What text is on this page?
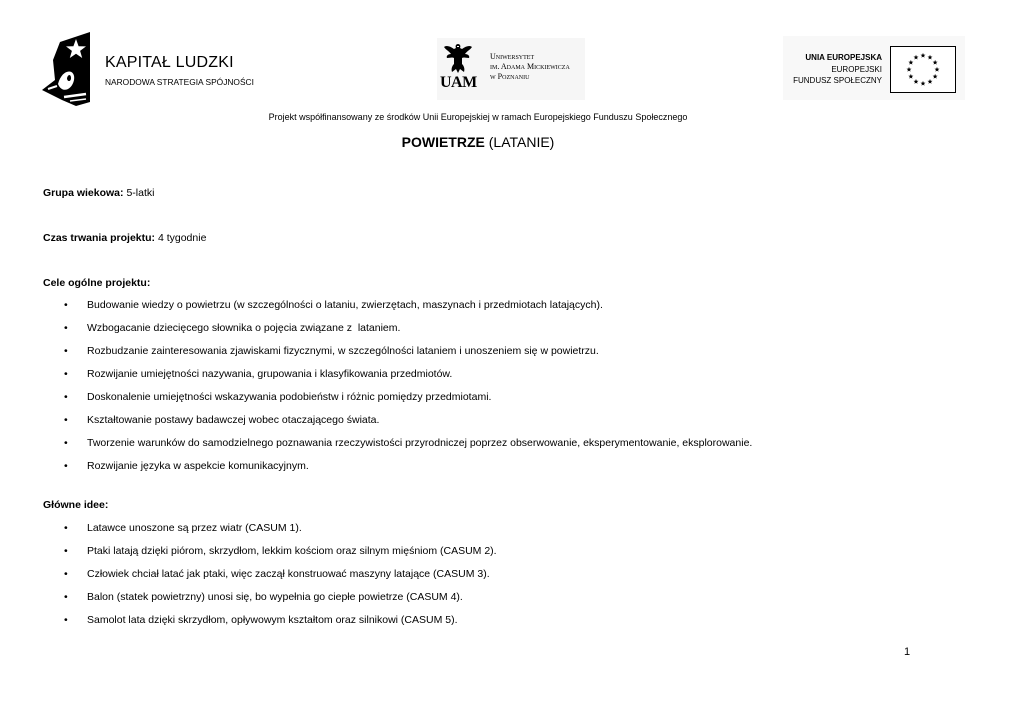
KAPITAŁ LUDZKI
NARODOWA STRATEGIA SPÓJNOŚCI	UAM
Uniwersytet
im. Adama Mickiewicza
w Poznaniu
UNIA EUROPEJSKA
EUROPEJSKI
FUNDUSZ SPOŁECZNY
Projekt współfinansowany ze środków Unii Europejskiej w ramach Europejskiego Funduszu Społecznego
POWIETRZE (LATANIE)
Grupa wiekowa: 5-latki
Czas trwania projektu: 4 tygodnie
Cele ogólne projektu:
• Budowanie wiedzy o powietrzu (w szczególności o lataniu, zwierzętach, maszynach i przedmiotach latających).
• Wzbogacanie dziecięcego słownika o pojęcia związane z  lataniem.
• Rozbudzanie zainteresowania zjawiskami fizycznymi, w szczególności lataniem i unoszeniem się w powietrzu.
• Rozwijanie umiejętności nazywania, grupowania i klasyfikowania przedmiotów.
• Doskonalenie umiejętności wskazywania podobieństw i różnic pomiędzy przedmiotami.
• Kształtowanie postawy badawczej wobec otaczającego świata.
• Tworzenie warunków do samodzielnego poznawania rzeczywistości przyrodniczej poprzez obserwowanie, eksperymentowanie, eksplorowanie.
• Rozwijanie języka w aspekcie komunikacyjnym.
Główne idee:
• Latawce unoszone są przez wiatr (CASUM 1).
• Ptaki latają dzięki piórom, skrzydłom, lekkim kościom oraz silnym mięśniom (CASUM 2).
• Człowiek chciał latać jak ptaki, więc zaczął konstruować maszyny latające (CASUM 3).
• Balon (statek powietrzny) unosi się, bo wypełnia go ciepłe powietrze (CASUM 4).
• Samolot lata dzięki skrzydłom, opływowym kształtom oraz silnikowi (CASUM 5).
1
